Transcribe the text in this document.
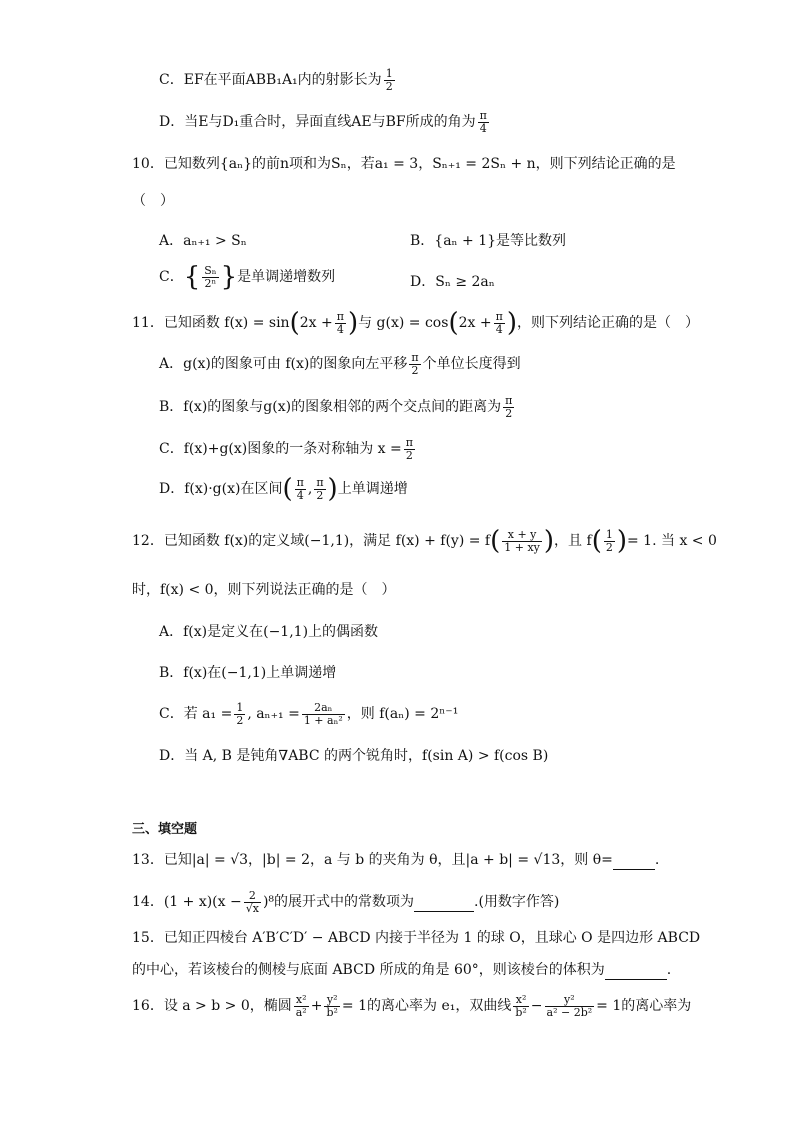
C．EF在平面ABB₁A₁内的射影长为 $\frac{1}{2}$
D．当E与D₁重合时，异面直线AE与BF所成的角为 $\frac{\pi}{4}$
10．已知数列{aₙ}的前n项和为Sₙ，若a₁ = 3，Sₙ₊₁ = 2Sₙ + n，则下列结论正确的是
（　）
A．aₙ₊₁ > Sₙ	B．{aₙ + 1}是等比数列
C．{ $\frac{\text{Sₙ}}{\text{2ⁿ}}$ }是单调递增数列	D．Sₙ ≥ 2aₙ
11．已知函数 $f(x) = \sin(2x + \frac{\pi}{4}$ )与 $g(x) = \cos(2x + \frac{\pi}{4}$ )，则下列结论正确的是（　）
A．g(x)的图象可由 f(x)的图象向左平移 $\frac{\pi}{2}$ 个单位长度得到
B．f(x)的图象与g(x)的图象相邻的两个交点间的距离为 $\frac{\pi}{2}$
C．f(x)+g(x)图象的一条对称轴为 $x = \frac{\pi}{2}$
D．f(x)·g(x)在区间( $\frac{\pi}{4}$ , $\frac{\pi}{2}$ )上单调递增
12．已知函数 f(x)的定义域(−1,1)，满足 $f(x) + f(y) = f( \frac{x + y}{1 + xy}$ )，且 $f( \frac{1}{2}$ )= 1. 当 x < 0
时，f(x) < 0，则下列说法正确的是（　）
A．f(x)是定义在(−1,1)上的偶函数
B．f(x)在(−1,1)上单调递增
C．若 $a_1 = \frac{1}{2}$ , $a_{n+1} = \frac{\text{2aₙ}}{\text{1 + aₙ²}}$ ，则 f(aₙ) = 2ⁿ⁻¹
D．当 A, B 是钝角∇ABC 的两个锐角时，f(sin A) > f(cos B)
三、填空题
13．已知|a| = √3，|b| = 2，a 与 b 的夹角为 θ，且|a + b| = √13，则 θ=	.
14．$(1 + x)(x - \frac{2}{√x} )^8$的展开式中的常数项为	.(用数字作答)
15．已知正四棱台 A′B′C′D′ − ABCD 内接于半径为 1 的球 O，且球心 O 是四边形 ABCD
的中心，若该棱台的侧棱与底面 ABCD 所成的角是 60°，则该棱台的体积为	.
16．设 a > b > 0，椭圆 $\frac{\text{x²}}{\text{a²}} + \frac{\text{y²}}{\text{b²}} = 1$的离心率为 e₁，双曲线 $\frac{\text{x²}}{\text{b²}} - \frac{\text{y²}}{\text{a² − 2b²}} = 1$的离心率为
